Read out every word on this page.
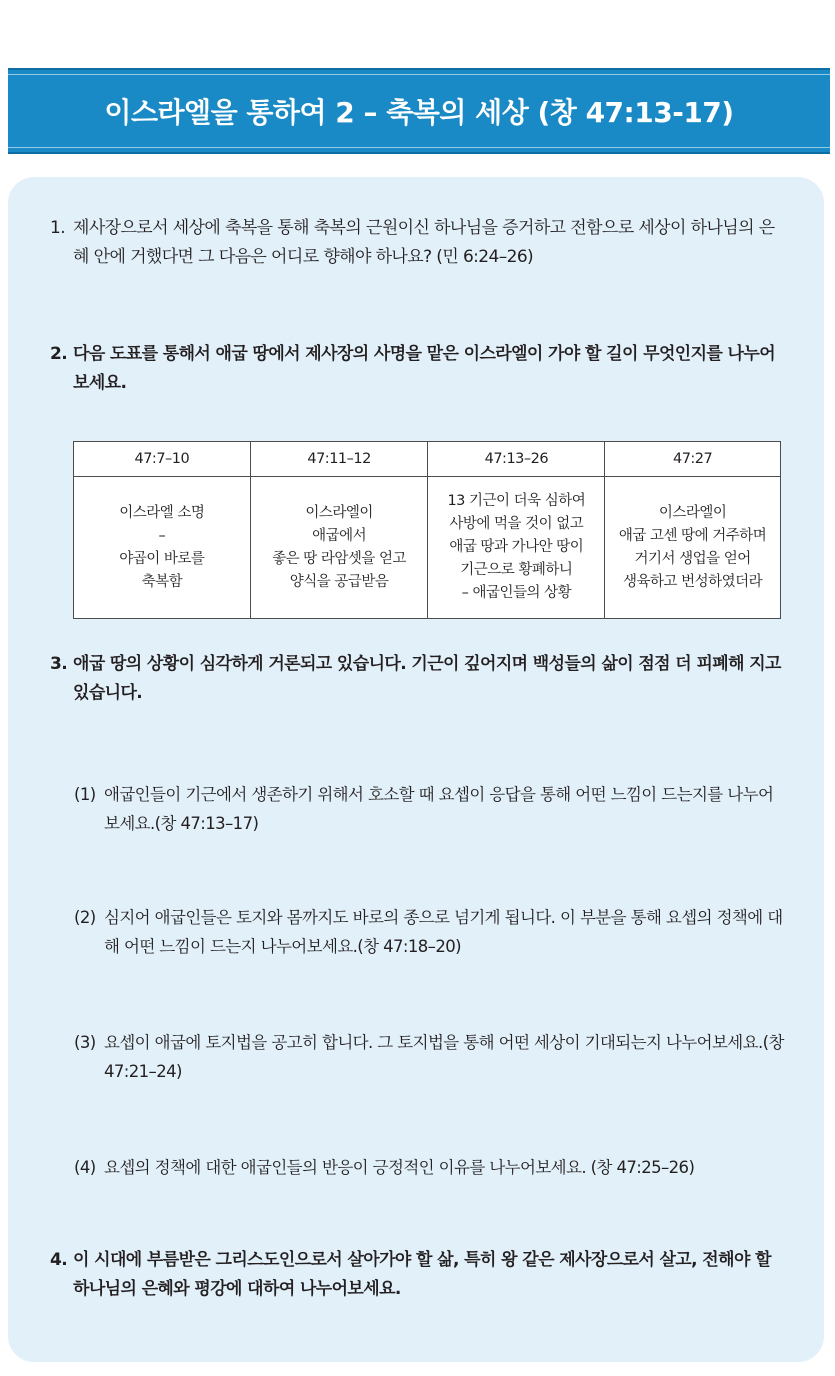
이스라엘을 통하여 2 – 축복의 세상 (창 47:13-17)
1. 제사장으로서 세상에 축복을 통해 축복의 근원이신 하나님을 증거하고 전함으로 세상이 하나님의 은혜 안에 거했다면 그 다음은 어디로 향해야 하나요? (민 6:24–26)
2. 다음 도표를 통해서 애굽 땅에서 제사장의 사명을 맡은 이스라엘이 가야 할 길이 무엇인지를 나누어보세요.
47:7–10	47:11–12	47:13–26	47:27

이스라엘 소명
–
야곱이 바로를
축복함	이스라엘이
애굽에서
좋은 땅 라암셋을 얻고
양식을 공급받음	13 기근이 더욱 심하여
사방에 먹을 것이 없고
애굽 땅과 가나안 땅이
기근으로 황폐하니
– 애굽인들의 상황	이스라엘이
애굽 고센 땅에 거주하며
거기서 생업을 얻어
생육하고 번성하였더라
3. 애굽 땅의 상황이 심각하게 거론되고 있습니다. 기근이 깊어지며 백성들의 삶이 점점 더 피폐해 지고 있습니다.
(1) 애굽인들이 기근에서 생존하기 위해서 호소할 때 요셉이 응답을 통해 어떤 느낌이 드는지를 나누어보세요.(창 47:13–17)
(2) 심지어 애굽인들은 토지와 몸까지도 바로의 종으로 넘기게 됩니다. 이 부분을 통해 요셉의 정책에 대해 어떤 느낌이 드는지 나누어보세요.(창 47:18–20)
(3) 요셉이 애굽에 토지법을 공고히 합니다. 그 토지법을 통해 어떤 세상이 기대되는지 나누어보세요.(창 47:21–24)
(4) 요셉의 정책에 대한 애굽인들의 반응이 긍정적인 이유를 나누어보세요. (창 47:25–26)
4. 이 시대에 부름받은 그리스도인으로서 살아가야 할 삶, 특히 왕 같은 제사장으로서 살고, 전해야 할 하나님의 은혜와 평강에 대하여 나누어보세요.
